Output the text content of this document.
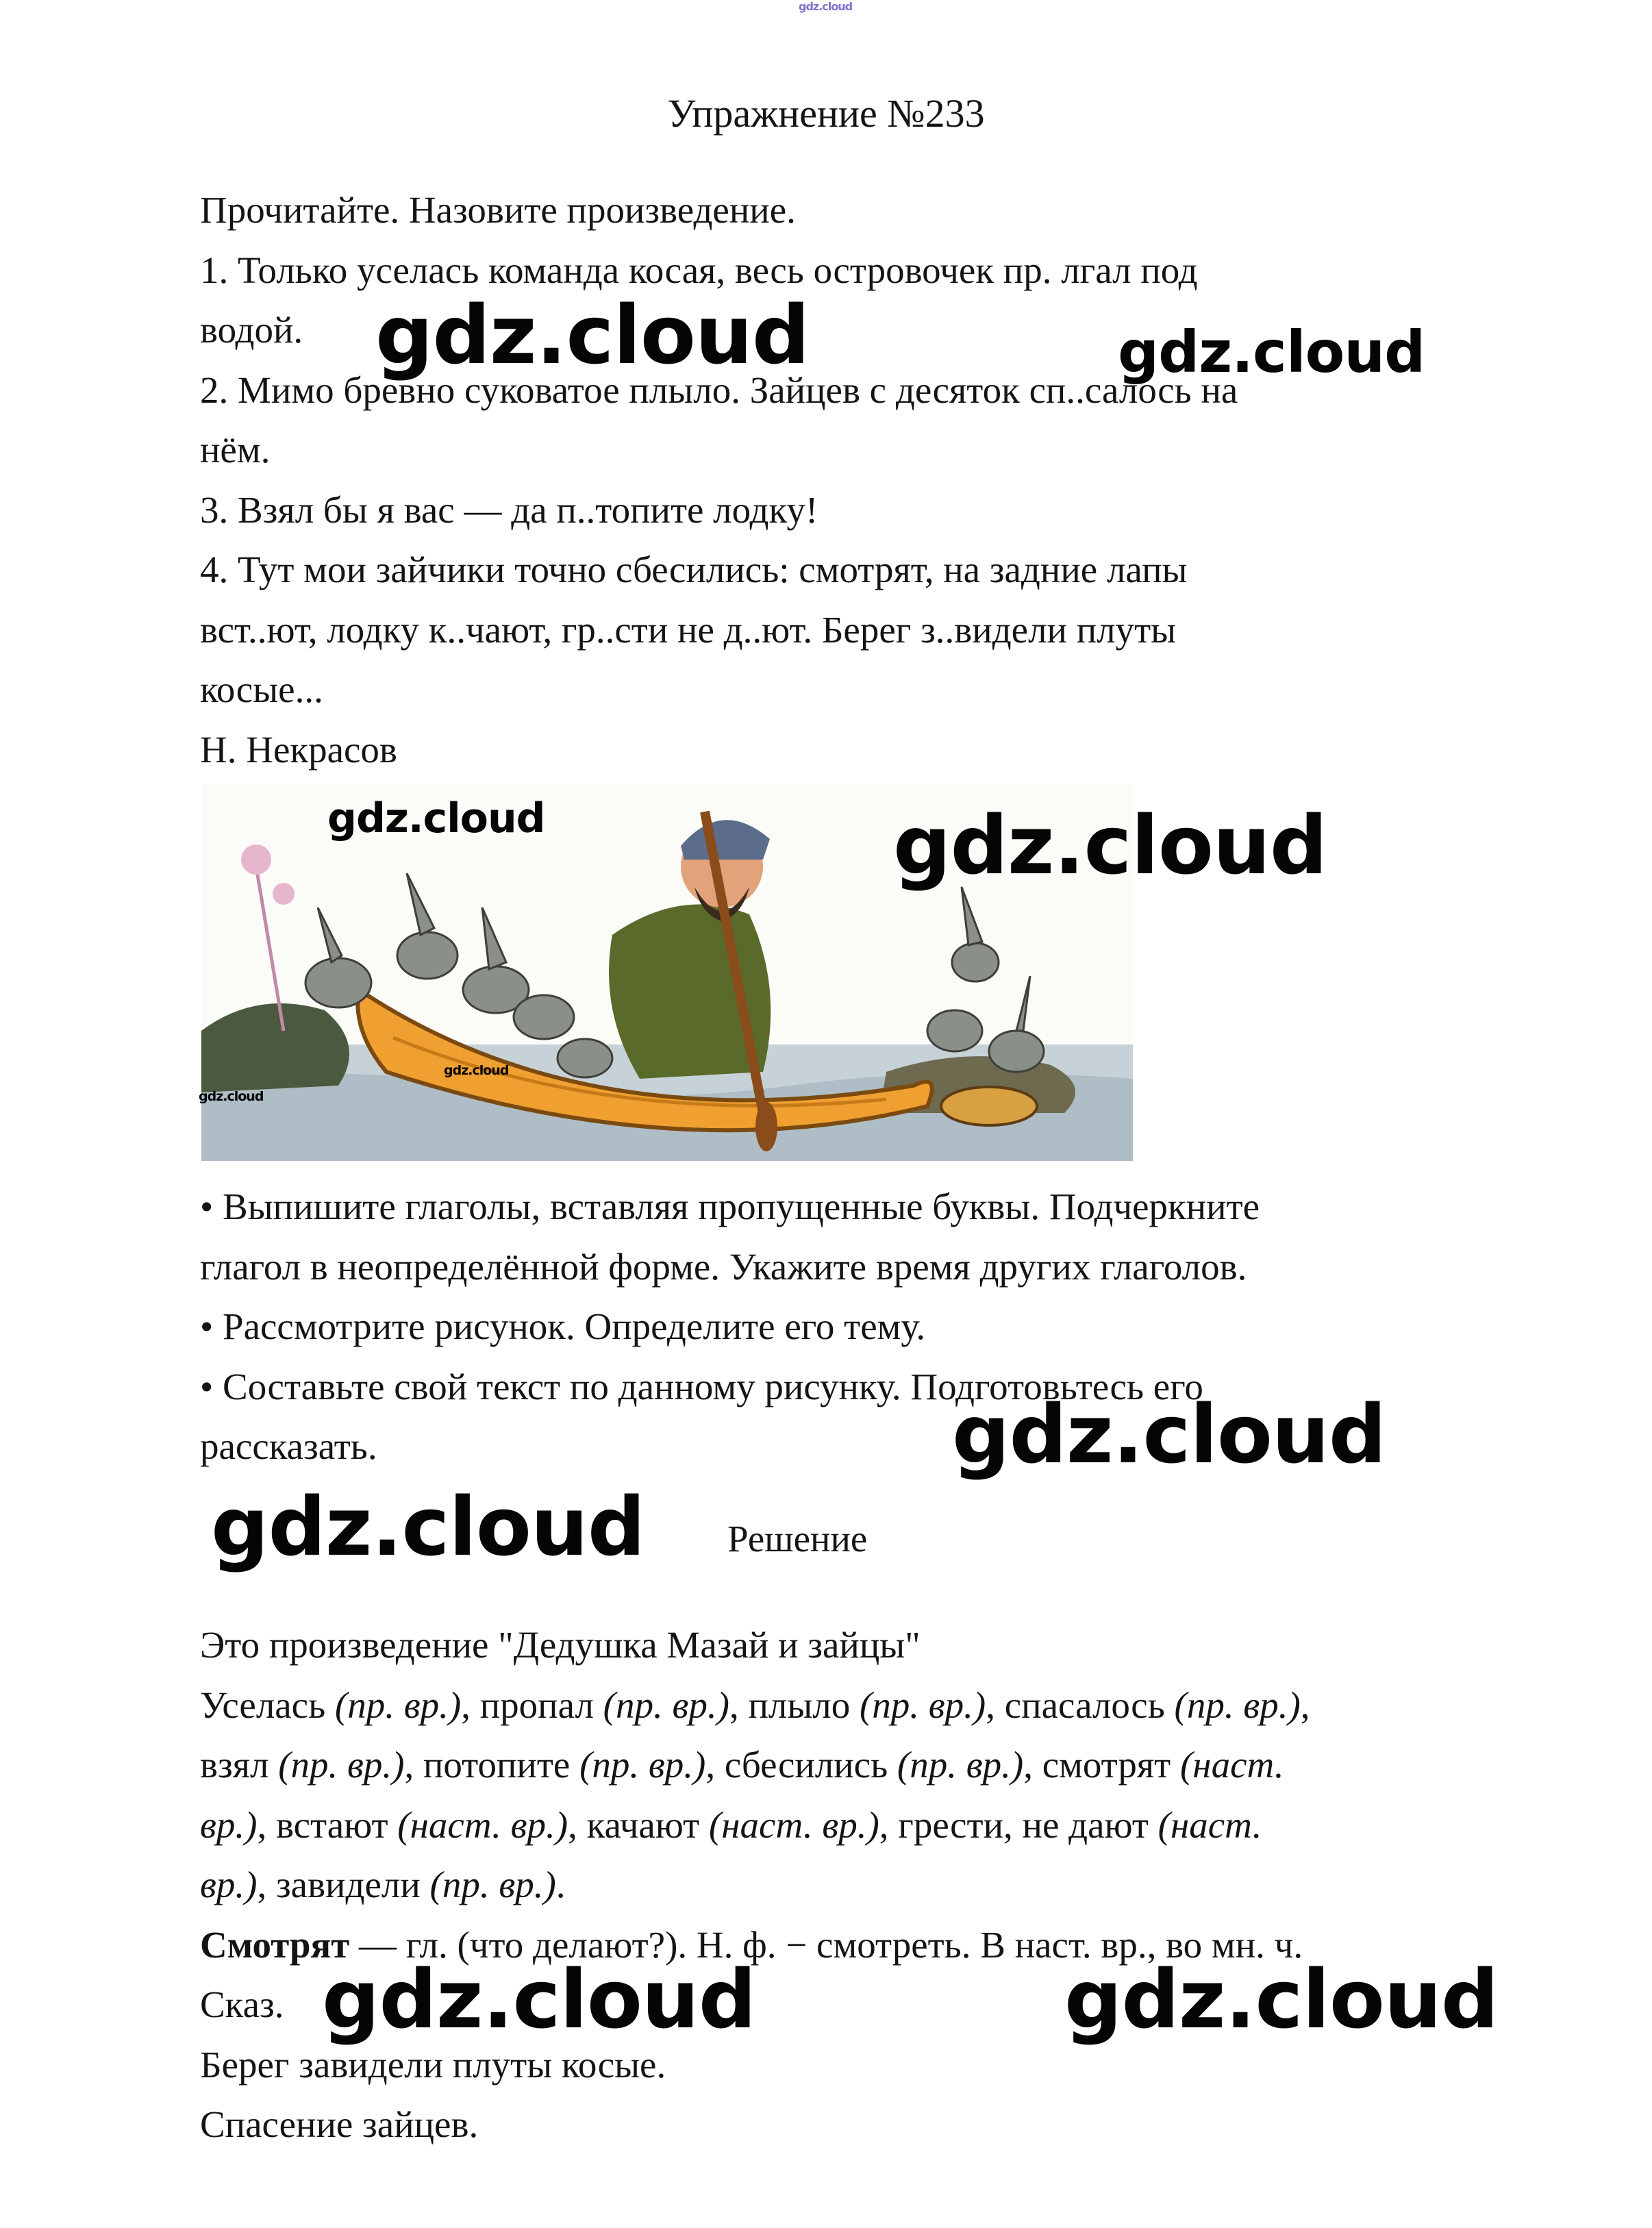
gdz.cloud
Упражнение №233
Прочитайте. Назовите произведение.
1. Только уселась команда косая, весь островочек пр. лгал под
водой.
2. Мимо бревно суковатое плыло. Зайцев с десяток сп..салось на
нём.
3. Взял бы я вас — да п..топите лодку!
4. Тут мои зайчики точно сбесились: смотрят, на задние лапы
вст..ют, лодку к..чают, гр..сти не д..ют. Берег з..видели плуты
косые...
Н. Некрасов
• Выпишите глаголы, вставляя пропущенные буквы. Подчеркните
глагол в неопределённой форме. Укажите время других глаголов.
• Рассмотрите рисунок. Определите его тему.
• Составьте свой текст по данному рисунку. Подготовьтесь его
рассказать.
Решение
Это произведение "Дедушка Мазай и зайцы"
Уселась (пр. вр.), пропал (пр. вр.), плыло (пр. вр.), спасалось (пр. вр.),
взял (пр. вр.), потопите (пр. вр.), сбесились (пр. вр.), смотрят (наст.
вр.), встают (наст. вр.), качают (наст. вр.), грести, не дают (наст.
вр.), завидели (пр. вр.).
Смотрят — гл. (что делают?). Н. ф. − смотреть. В наст. вр., во мн. ч.
Сказ.
Берег завидели плуты косые.
Спасение зайцев.
gdz.cloud	gdz.cloud
gdz.cloud	gdz.cloud
gdz.cloud
gdz.cloud
gdz.cloud
gdz.cloud
gdz.cloud	gdz.cloud
